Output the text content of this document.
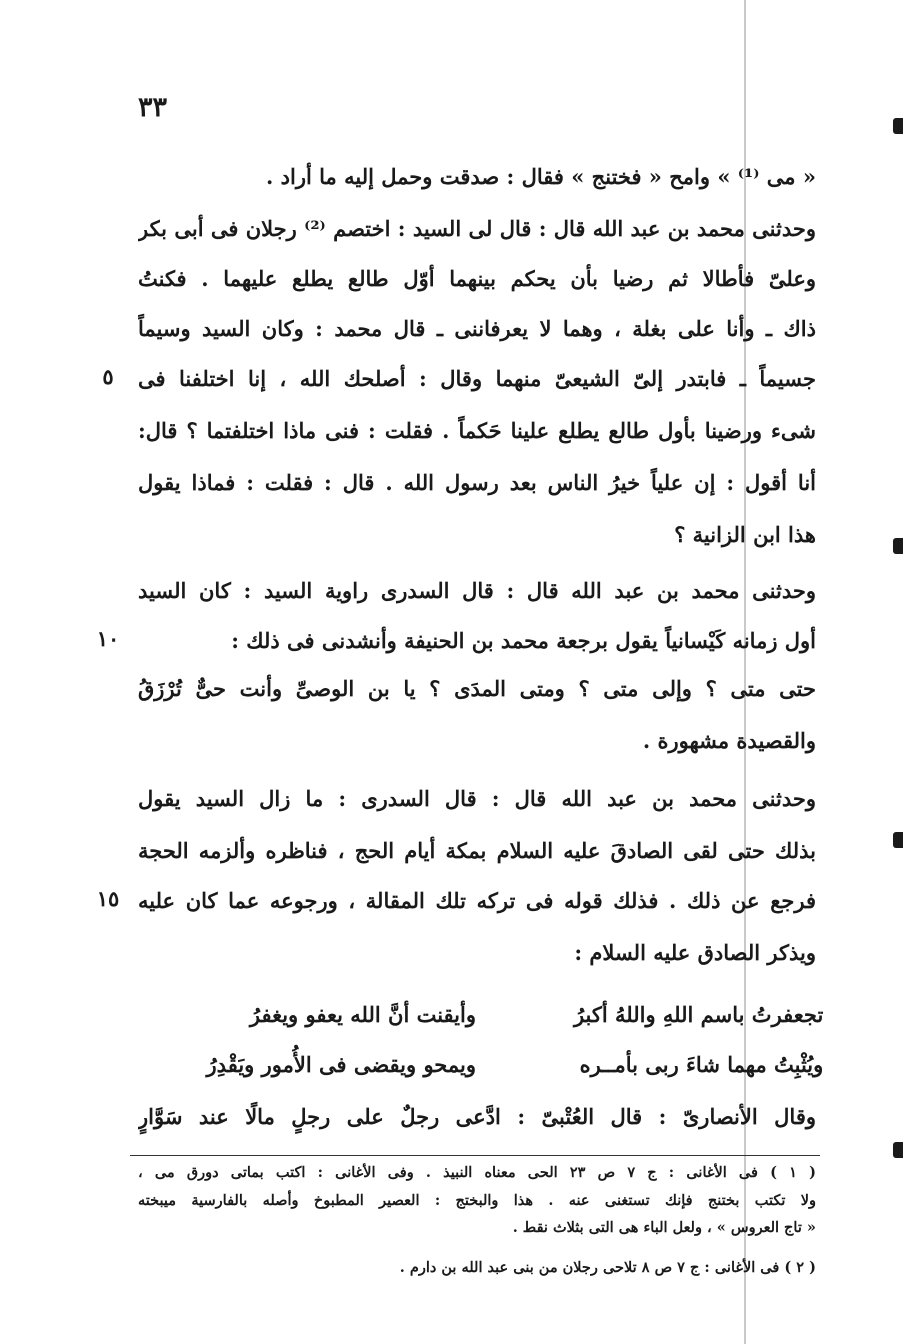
٣٣
« مى ⁽¹⁾ » وامح « فختنج » فقال : صدقت وحمل إليه ما أراد .
وحدثنى محمد بن عبد الله قال : قال لى السيد : اختصم ⁽²⁾ رجلان فى أبى بكر
وعلىّ فأطالا ثم رضيا بأن يحكم بينهما أوّل طالع يطلع عليهما . فكنتُ
ذاك ـ وأنا على بغلة ، وهما لا يعرفاننى ـ قال محمد : وكان السيد وسيماً
جسيماً ـ فابتدر إلىّ الشيعىّ منهما وقال : أصلحك الله ، إنا اختلفنا فى
٥
شىء ورضينا بأول طالع يطلع علينا حَكماً . فقلت : فنى ماذا اختلفتما ؟ قال:
أنا أقول : إن علياً خيرُ الناس بعد رسول الله . قال : فقلت : فماذا يقول
هذا ابن الزانية ؟
وحدثنى محمد بن عبد الله قال : قال السدرى راوية السيد : كان السيد
أول زمانه كَيْسانياً يقول برجعة محمد بن الحنيفة وأنشدنى فى ذلك :
١٠
حتى متى ؟ وإلى متى ؟ ومتى المدَى ؟ يا بن الوصىِّ وأنت حىٌّ تُرْزَقُ
والقصيدة مشهورة .
وحدثنى محمد بن عبد الله قال : قال السدرى : ما زال السيد يقول
بذلك حتى لقى الصادقَ عليه السلام بمكة أيام الحج ، فناظره وألزمه الحجة
فرجع عن ذلك . فذلك قوله فى تركه تلك المقالة ، ورجوعه عما كان عليه
١٥
ويذكر الصادق عليه السلام :
تجعفرتُ باسم اللهِ واللهُ أكبرُ وأيقنت أنَّ الله يعفو ويغفرُ
ويُثْبِتُ مهما شاءَ ربى بأمــره ويمحو ويقضى فى الأُمور ويَقْدِرُ
وقال الأنصارىّ : قال العُتْبىّ : ادَّعى رجلٌ على رجلٍ مالًا عند سَوَّارٍ
( ١ ) فى الأغانى : ج ٧ ص ٢٣ الحى معناه النبيذ . وفى الأغانى : اكتب بماتى دورق مى ،
ولا تكتب بختنج فإنك تستغنى عنه . هذا والبختج : العصير المطبوخ وأصله بالفارسية ميبخته
« تاج العروس » ، ولعل الباء هى التى بثلاث نقط .
( ٢ ) فى الأغانى : ج ٧ ص ٨ تلاحى رجلان من بنى عبد الله بن دارم .
